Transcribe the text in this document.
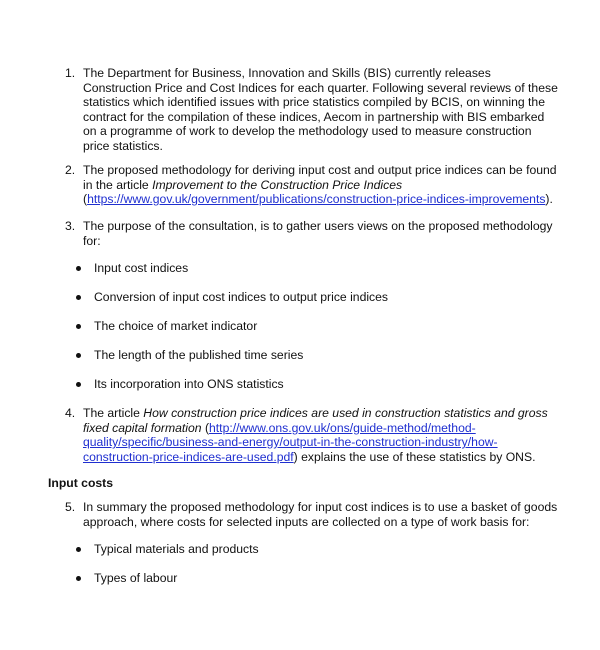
1. The Department for Business, Innovation and Skills (BIS) currently releases
Construction Price and Cost Indices for each quarter. Following several reviews of these
statistics which identified issues with price statistics compiled by BCIS, on winning the
contract for the compilation of these indices, Aecom in partnership with BIS embarked
on a programme of work to develop the methodology used to measure construction
price statistics.
2. The proposed methodology for deriving input cost and output price indices can be found
in the article Improvement to the Construction Price Indices
(https://www.gov.uk/government/publications/construction-price-indices-improvements).
3. The purpose of the consultation, is to gather users views on the proposed methodology
for:
Input cost indices
Conversion of input cost indices to output price indices
The choice of market indicator
The length of the published time series
Its incorporation into ONS statistics
4. The article How construction price indices are used in construction statistics and gross
fixed capital formation (http://www.ons.gov.uk/ons/guide-method/method-
quality/specific/business-and-energy/output-in-the-construction-industry/how-
construction-price-indices-are-used.pdf) explains the use of these statistics by ONS.
Input costs
5. In summary the proposed methodology for input cost indices is to use a basket of goods
approach, where costs for selected inputs are collected on a type of work basis for:
Typical materials and products
Types of labour
